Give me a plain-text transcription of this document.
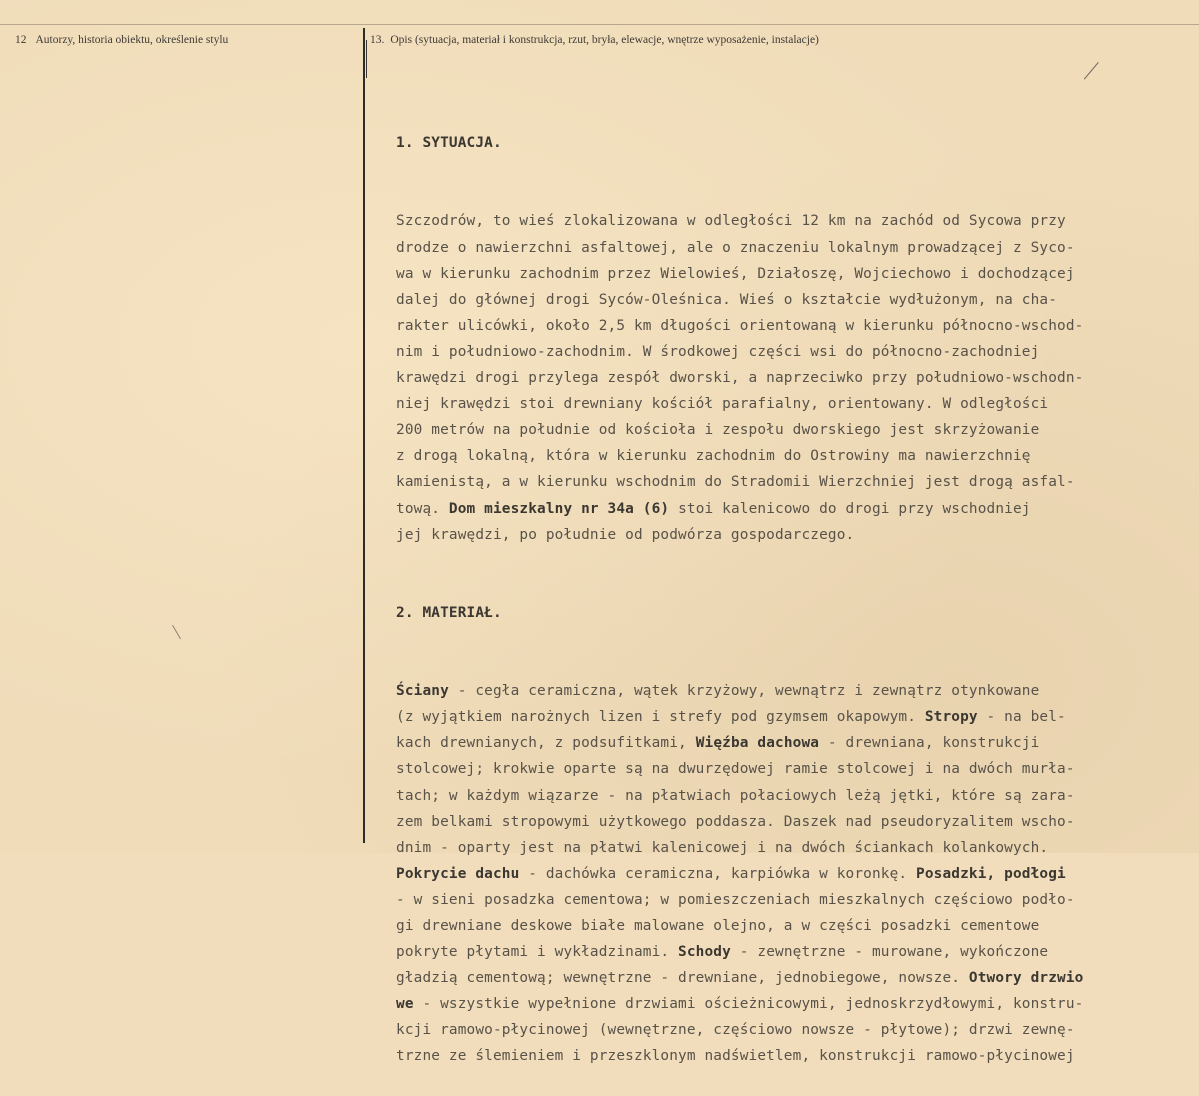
12 Autorzy, historia obiektu, określenie stylu	13. Opis (sytuacja, materiał i konstrukcja, rzut, bryła, elewacje, wnętrze wyposażenie, instalacje)

1. SYTUACJA.

Szczodrów, to wieś zlokalizowana w odległości 12 km na zachód od Sycowa przy
drodze o nawierzchni asfaltowej, ale o znaczeniu lokalnym prowadzącej z Syco-
wa w kierunku zachodnim przez Wielowieś, Działoszę, Wojciechowo i dochodzącej
dalej do głównej drogi Syców-Oleśnica. Wieś o kształcie wydłużonym, na cha-
rakter ulicówki, około 2,5 km długości orientowaną w kierunku północno-wschod-
nim i południowo-zachodnim. W środkowej części wsi do północno-zachodniej
krawędzi drogi przylega zespół dworski, a naprzeciwko przy południowo-wschodn-
niej krawędzi stoi drewniany kościół parafialny, orientowany. W odległości
200 metrów na południe od kościoła i zespołu dworskiego jest skrzyżowanie
z drogą lokalną, która w kierunku zachodnim do Ostrowiny ma nawierzchnię
kamienistą, a w kierunku wschodnim do Stradomii Wierzchniej jest drogą asfal-
tową. Dom mieszkalny nr 34a (6) stoi kalenicowo do drogi przy wschodniej
jej krawędzi, po południe od podwórza gospodarczego.

2. MATERIAŁ.

Ściany - cegła ceramiczna, wątek krzyżowy, wewnątrz i zewnątrz otynkowane
(z wyjątkiem narożnych lizen i strefy pod gzymsem okapowym. Stropy - na bel-
kach drewnianych, z podsufitkami, Więźba dachowa - drewniana, konstrukcji
stolcowej; krokwie oparte są na dwurzędowej ramie stolcowej i na dwóch murła-
tach; w każdym wiązarze - na płatwiach połaciowych leżą jętki, które są zara-
zem belkami stropowymi użytkowego poddasza. Daszek nad pseudoryzalitem wscho-
dnim - oparty jest na płatwi kalenicowej i na dwóch ściankach kolankowych.
Pokrycie dachu - dachówka ceramiczna, karpiówka w koronkę. Posadzki, podłogi
- w sieni posadzka cementowa; w pomieszczeniach mieszkalnych częściowo podło-
gi drewniane deskowe białe malowane olejno, a w części posadzki cementowe
pokryte płytami i wykładzinami. Schody - zewnętrzne - murowane, wykończone
gładzią cementową; wewnętrzne - drewniane, jednobiegowe, nowsze. Otwory drzwio
we - wszystkie wypełnione drzwiami ościeżnicowymi, jednoskrzydłowymi, konstru-
kcji ramowo-płycinowej (wewnętrzne, częściowo nowsze - płytowe); drzwi zewnę-
trzne ze ślemieniem i przeszklonym nadświetlem, konstrukcji ramowo-płycinowej
